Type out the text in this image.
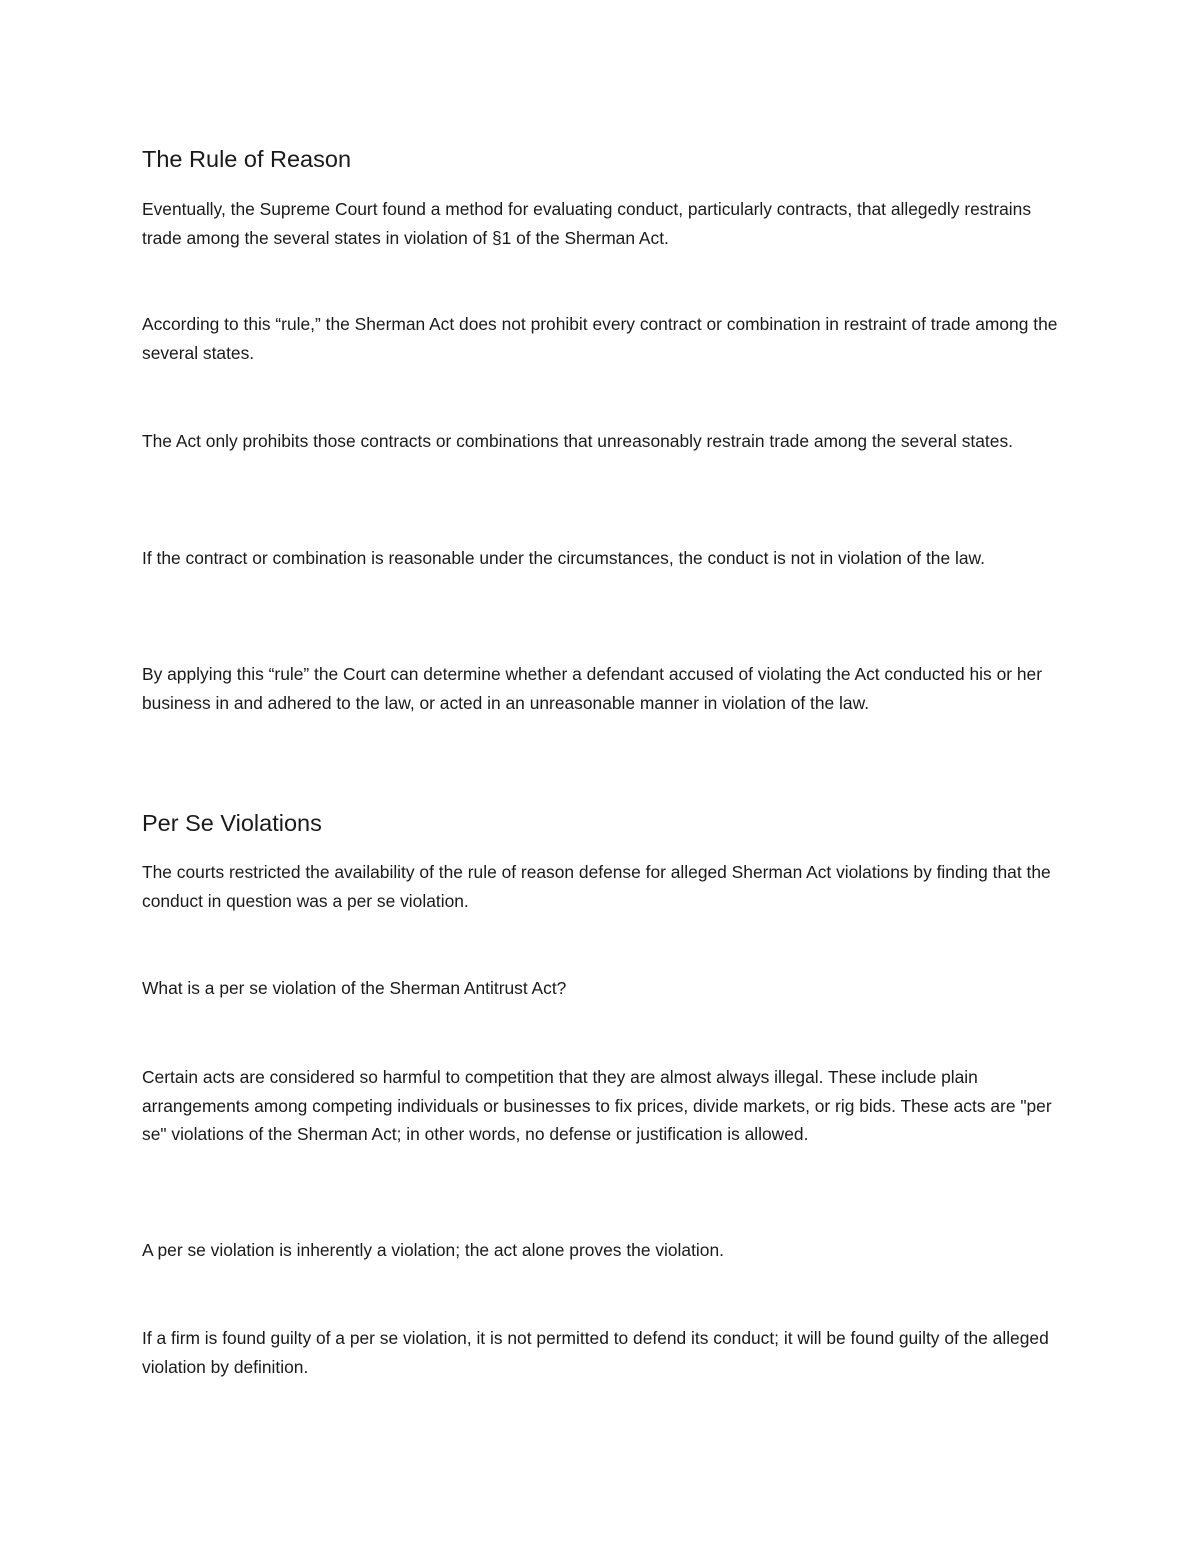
The Rule of Reason

Eventually, the Supreme Court found a method for evaluating conduct, particularly contracts, that allegedly restrains trade among the several states in violation of §1 of the Sherman Act.

According to this “rule,” the Sherman Act does not prohibit every contract or combination in restraint of trade among the several states.

The Act only prohibits those contracts or combinations that unreasonably restrain trade among the several states.

If the contract or combination is reasonable under the circumstances, the conduct is not in violation of the law.

By applying this “rule” the Court can determine whether a defendant accused of violating the Act conducted his or her business in and adhered to the law, or acted in an unreasonable manner in violation of the law.

Per Se Violations

The courts restricted the availability of the rule of reason defense for alleged Sherman Act violations by finding that the conduct in question was a per se violation.

What is a per se violation of the Sherman Antitrust Act?

Certain acts are considered so harmful to competition that they are almost always illegal. These include plain arrangements among competing individuals or businesses to fix prices, divide markets, or rig bids. These acts are "per se" violations of the Sherman Act; in other words, no defense or justification is allowed.

A per se violation is inherently a violation; the act alone proves the violation.

If a firm is found guilty of a per se violation, it is not permitted to defend its conduct; it will be found guilty of the alleged violation by definition.
